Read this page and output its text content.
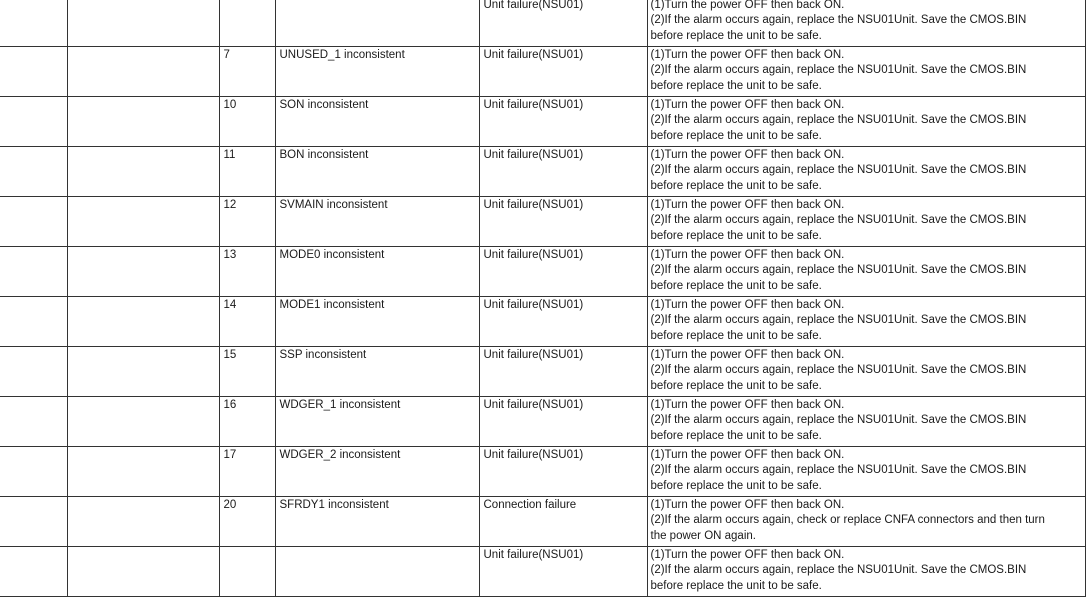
				Unit failure(NSU01)	(1)Turn the power OFF then back ON.
(2)If the alarm occurs again, replace the NSU01Unit. Save the CMOS.BIN
before replace the unit to be safe.

		7	UNUSED_1 inconsistent	Unit failure(NSU01)	(1)Turn the power OFF then back ON.
(2)If the alarm occurs again, replace the NSU01Unit. Save the CMOS.BIN
before replace the unit to be safe.

		10	SON inconsistent	Unit failure(NSU01)	(1)Turn the power OFF then back ON.
(2)If the alarm occurs again, replace the NSU01Unit. Save the CMOS.BIN
before replace the unit to be safe.

		11	BON inconsistent	Unit failure(NSU01)	(1)Turn the power OFF then back ON.
(2)If the alarm occurs again, replace the NSU01Unit. Save the CMOS.BIN
before replace the unit to be safe.

		12	SVMAIN inconsistent	Unit failure(NSU01)	(1)Turn the power OFF then back ON.
(2)If the alarm occurs again, replace the NSU01Unit. Save the CMOS.BIN
before replace the unit to be safe.

		13	MODE0 inconsistent	Unit failure(NSU01)	(1)Turn the power OFF then back ON.
(2)If the alarm occurs again, replace the NSU01Unit. Save the CMOS.BIN
before replace the unit to be safe.

		14	MODE1 inconsistent	Unit failure(NSU01)	(1)Turn the power OFF then back ON.
(2)If the alarm occurs again, replace the NSU01Unit. Save the CMOS.BIN
before replace the unit to be safe.

		15	SSP inconsistent	Unit failure(NSU01)	(1)Turn the power OFF then back ON.
(2)If the alarm occurs again, replace the NSU01Unit. Save the CMOS.BIN
before replace the unit to be safe.

		16	WDGER_1 inconsistent	Unit failure(NSU01)	(1)Turn the power OFF then back ON.
(2)If the alarm occurs again, replace the NSU01Unit. Save the CMOS.BIN
before replace the unit to be safe.

		17	WDGER_2 inconsistent	Unit failure(NSU01)	(1)Turn the power OFF then back ON.
(2)If the alarm occurs again, replace the NSU01Unit. Save the CMOS.BIN
before replace the unit to be safe.

		20	SFRDY1 inconsistent	Connection failure	(1)Turn the power OFF then back ON.
(2)If the alarm occurs again, check or replace CNFA connectors and then turn
the power ON again.

				Unit failure(NSU01)	(1)Turn the power OFF then back ON.
(2)If the alarm occurs again, replace the NSU01Unit. Save the CMOS.BIN
before replace the unit to be safe.
